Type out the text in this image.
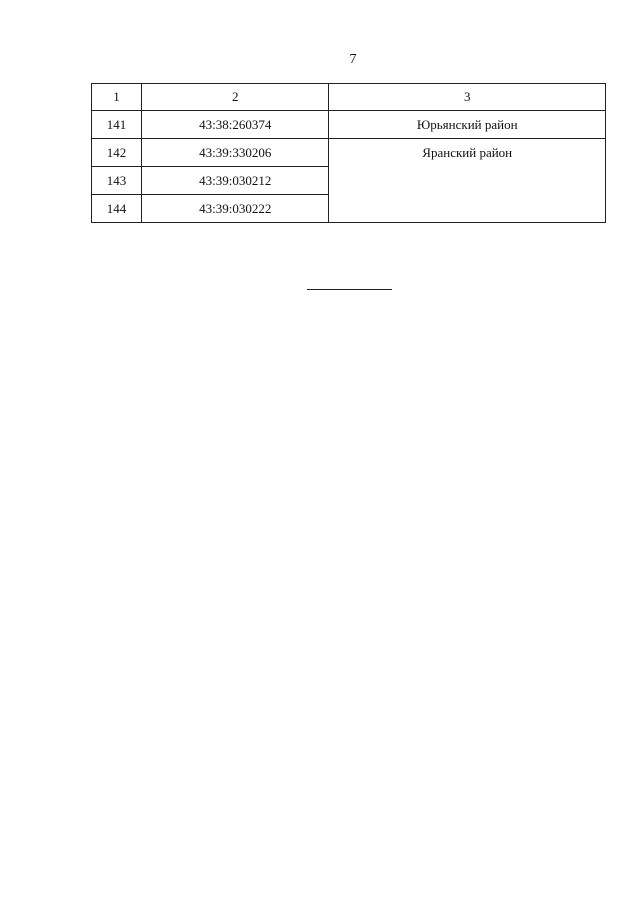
7
1	2	3
141	43:38:260374	Юрьянский район
142	43:39:330206	Яранский район
143	43:39:030212	
144	43:39:030222	
